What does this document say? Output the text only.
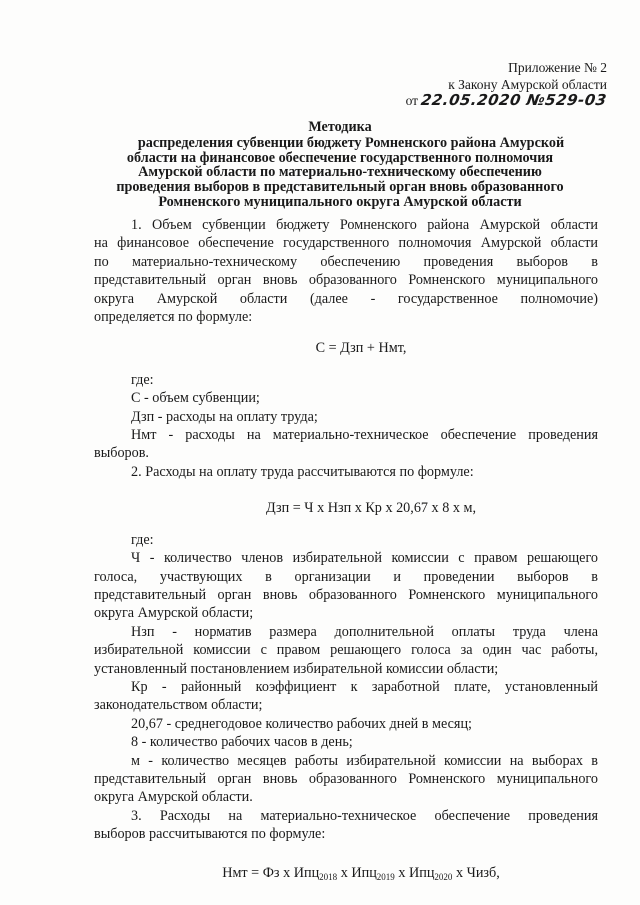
Приложение № 2
к Закону Амурской области
от 22.05.2020 №529-03
Методика
распределения субвенции бюджету Ромненского района Амурской
области на финансовое обеспечение государственного полномочия
Амурской области по материально-техническому обеспечению
проведения выборов в представительный орган вновь образованного
Ромненского муниципального округа Амурской области
1. Объем субвенции бюджету Ромненского района Амурской области
на финансовое обеспечение государственного полномочия Амурской области
по материально-техническому обеспечению проведения выборов в
представительный орган вновь образованного Ромненского муниципального
округа Амурской области (далее - государственное полномочие)
определяется по формуле:
С = Дзп + Нмт,
где:
С - объем субвенции;
Дзп - расходы на оплату труда;
Нмт - расходы на материально-техническое обеспечение проведения
выборов.
2. Расходы на оплату труда рассчитываются по формуле:
Дзп = Ч х Нзп х Кр х 20,67 х 8 х м,
где:
Ч - количество членов избирательной комиссии с правом решающего
голоса, участвующих в организации и проведении выборов в
представительный орган вновь образованного Ромненского муниципального
округа Амурской области;
Нзп - норматив размера дополнительной оплаты труда члена
избирательной комиссии с правом решающего голоса за один час работы,
установленный постановлением избирательной комиссии области;
Кр - районный коэффициент к заработной плате, установленный
законодательством области;
20,67 - среднегодовое количество рабочих дней в месяц;
8 - количество рабочих часов в день;
м - количество месяцев работы избирательной комиссии на выборах в
представительный орган вновь образованного Ромненского муниципального
округа Амурской области.
3. Расходы на материально-техническое обеспечение проведения
выборов рассчитываются по формуле:
Нмт = Фз х Ипц$_{2018}$ х Ипц$_{2019}$ х Ипц$_{2020}$ х Чизб,
